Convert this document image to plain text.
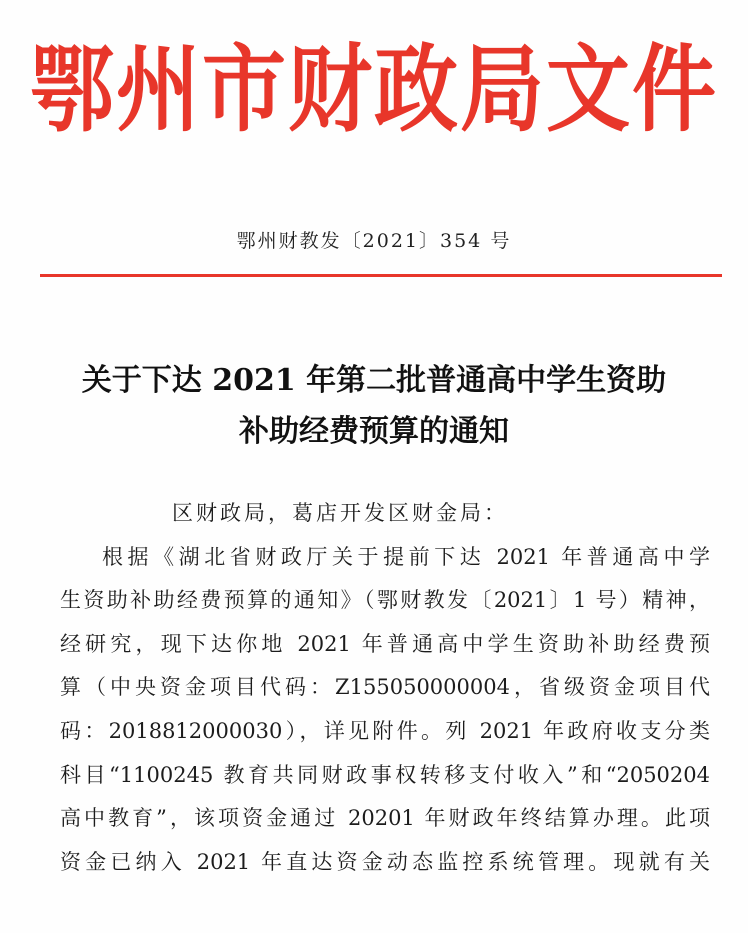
鄂州市财政局文件
鄂州财教发〔2021〕354 号
关于下达 2021 年第二批普通高中学生资助
补助经费预算的通知
区财政局，葛店开发区财金局：
根据《湖北省财政厅关于提前下达 2021 年普通高中学
生资助补助经费预算的通知》（鄂财教发〔2021〕1 号）精神，
经研究，现下达你地 2021 年普通高中学生资助补助经费预
算（中央资金项目代码：Z155050000004，省级资金项目代
码：2018812000030），详见附件。列 2021 年政府收支分类
科目“1100245 教育共同财政事权转移支付收入”和“2050204
高中教育”，该项资金通过 20201 年财政年终结算办理。此项
资金已纳入 2021 年直达资金动态监控系统管理。现就有关
